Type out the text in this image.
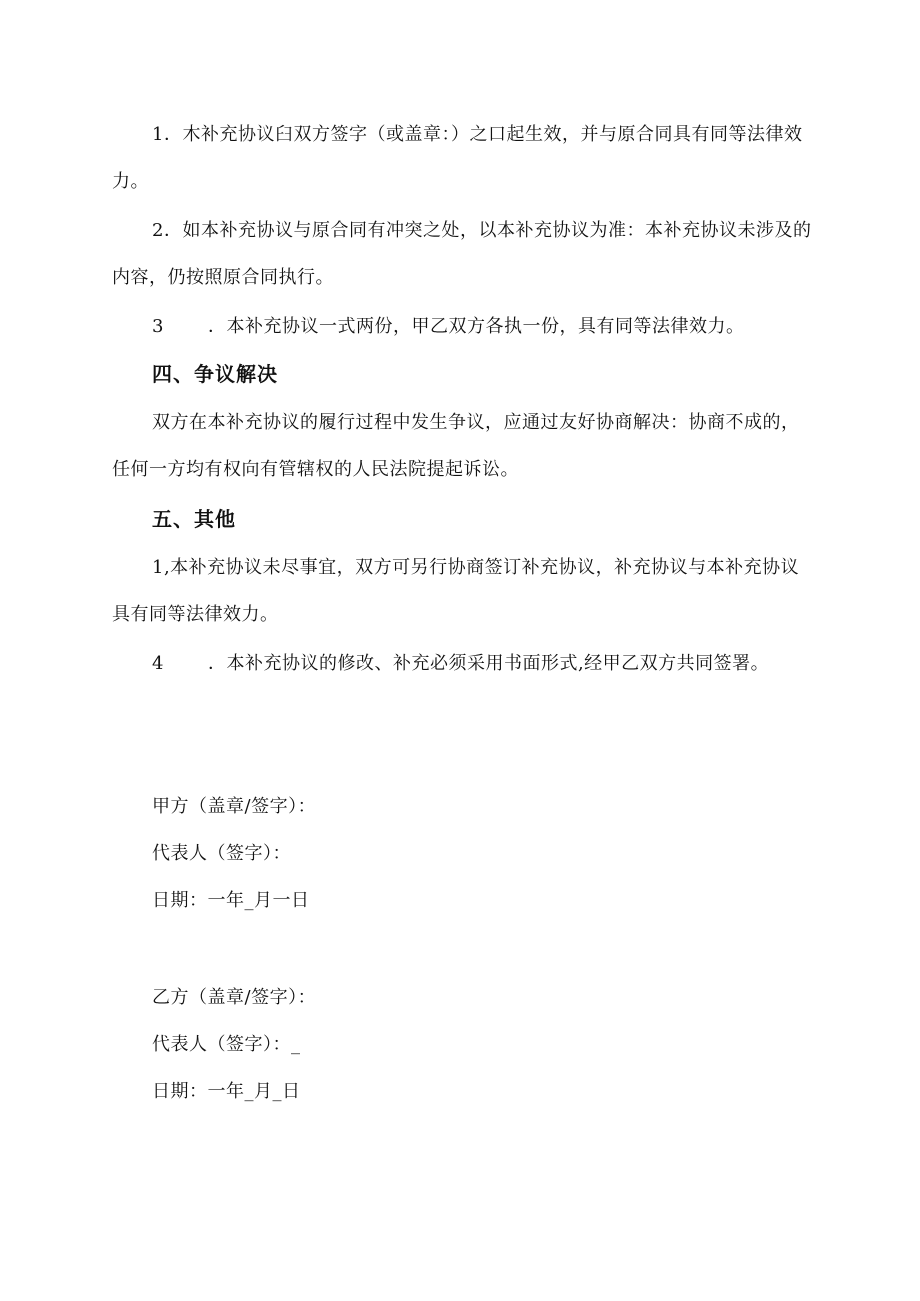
1．木补充协议臼双方签字（或盖章：）之口起生效，并与原合同具有同等法律效力。

2．如本补充协议与原合同有冲突之处，以本补充协议为准：本补充协议未涉及的内容，仍按照原合同执行。

3 ．本补充协议一式两份，甲乙双方各执一份，具有同等法律效力。

四、争议解决

双方在本补充协议的履行过程中发生争议，应通过友好协商解决：协商不成的，任何一方均有权向有管辖权的人民法院提起诉讼。

五、其他

1,本补充协议未尽事宜，双方可另行协商签订补充协议，补充协议与本补充协议具有同等法律效力。

4 ．本补充协议的修改、补充必须采用书面形式,经甲乙双方共同签署。

甲方（盖章/签字）：

代表人（签字）：

日期：一年_月一日

乙方（盖章/签字）：

代表人（签字）：_

日期：一年_月_日
